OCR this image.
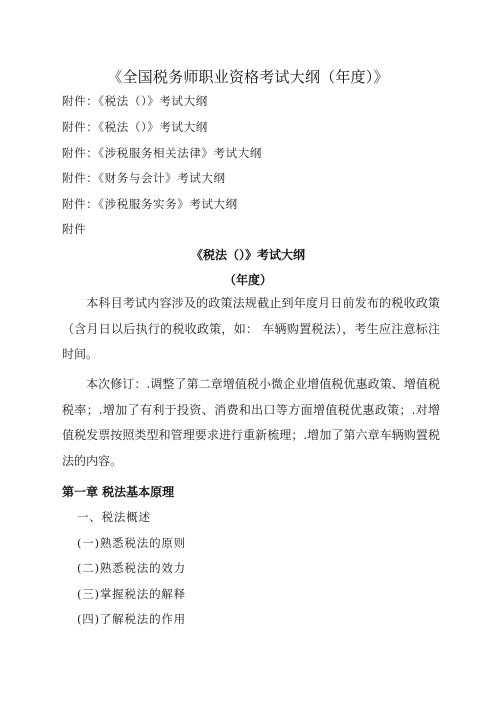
《全国税务师职业资格考试大纲（年度）》
附件：《税法（）》考试大纲
附件：《税法（）》考试大纲
附件：《涉税服务相关法律》考试大纲
附件：《财务与会计》考试大纲
附件：《涉税服务实务》考试大纲
附件
《税法（）》考试大纲
（年度）
本科目考试内容涉及的政策法规截止到年度月日前发布的税收政策（含月日以后执行的税收政策，如： 车辆购置税法），考生应注意标注时间。
本次修订：.调整了第二章增值税小微企业增值税优惠政策、增值税税率；.增加了有利于投资、消费和出口等方面增值税优惠政策；.对增值税发票按照类型和管理要求进行重新梳理；.增加了第六章车辆购置税法的内容。
第一章 税法基本原理
一、税法概述
(一)熟悉税法的原则
(二)熟悉税法的效力
(三)掌握税法的解释
(四)了解税法的作用
